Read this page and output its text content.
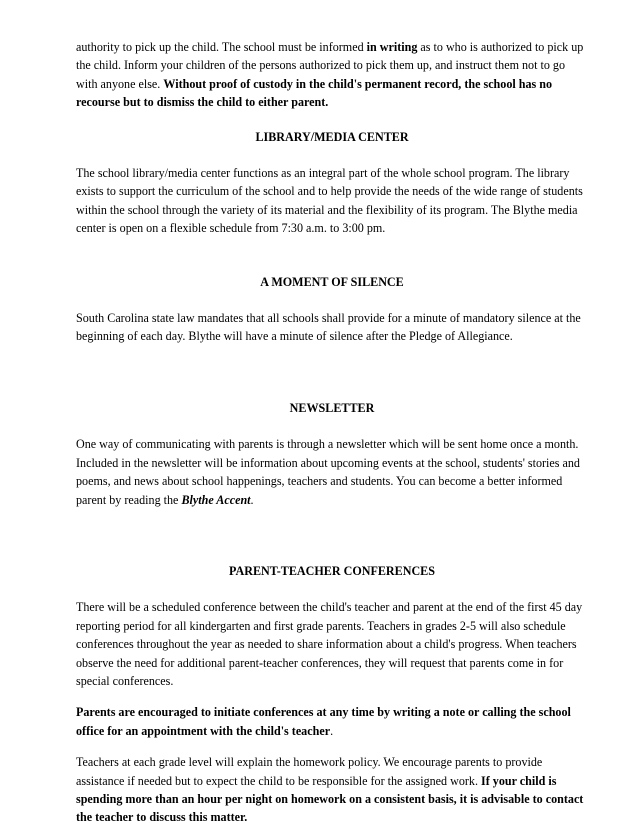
authority to pick up the child. The school must be informed in writing as to who is authorized to pick up the child. Inform your children of the persons authorized to pick them up, and instruct them not to go with anyone else. Without proof of custody in the child's permanent record, the school has no recourse but to dismiss the child to either parent.

LIBRARY/MEDIA CENTER

The school library/media center functions as an integral part of the whole school program. The library exists to support the curriculum of the school and to help provide the needs of the wide range of students within the school through the variety of its material and the flexibility of its program. The Blythe media center is open on a flexible schedule from 7:30 a.m. to 3:00 pm.

A MOMENT OF SILENCE

South Carolina state law mandates that all schools shall provide for a minute of mandatory silence at the beginning of each day. Blythe will have a minute of silence after the Pledge of Allegiance.

NEWSLETTER

One way of communicating with parents is through a newsletter which will be sent home once a month. Included in the newsletter will be information about upcoming events at the school, students' stories and poems, and news about school happenings, teachers and students. You can become a better informed parent by reading the Blythe Accent.

PARENT-TEACHER CONFERENCES

There will be a scheduled conference between the child's teacher and parent at the end of the first 45 day reporting period for all kindergarten and first grade parents. Teachers in grades 2-5 will also schedule conferences throughout the year as needed to share information about a child's progress. When teachers observe the need for additional parent-teacher conferences, they will request that parents come in for special conferences.

Parents are encouraged to initiate conferences at any time by writing a note or calling the school office for an appointment with the child's teacher.

Teachers at each grade level will explain the homework policy. We encourage parents to provide assistance if needed but to expect the child to be responsible for the assigned work. If your child is spending more than an hour per night on homework on a consistent basis, it is advisable to contact the teacher to discuss this matter.
